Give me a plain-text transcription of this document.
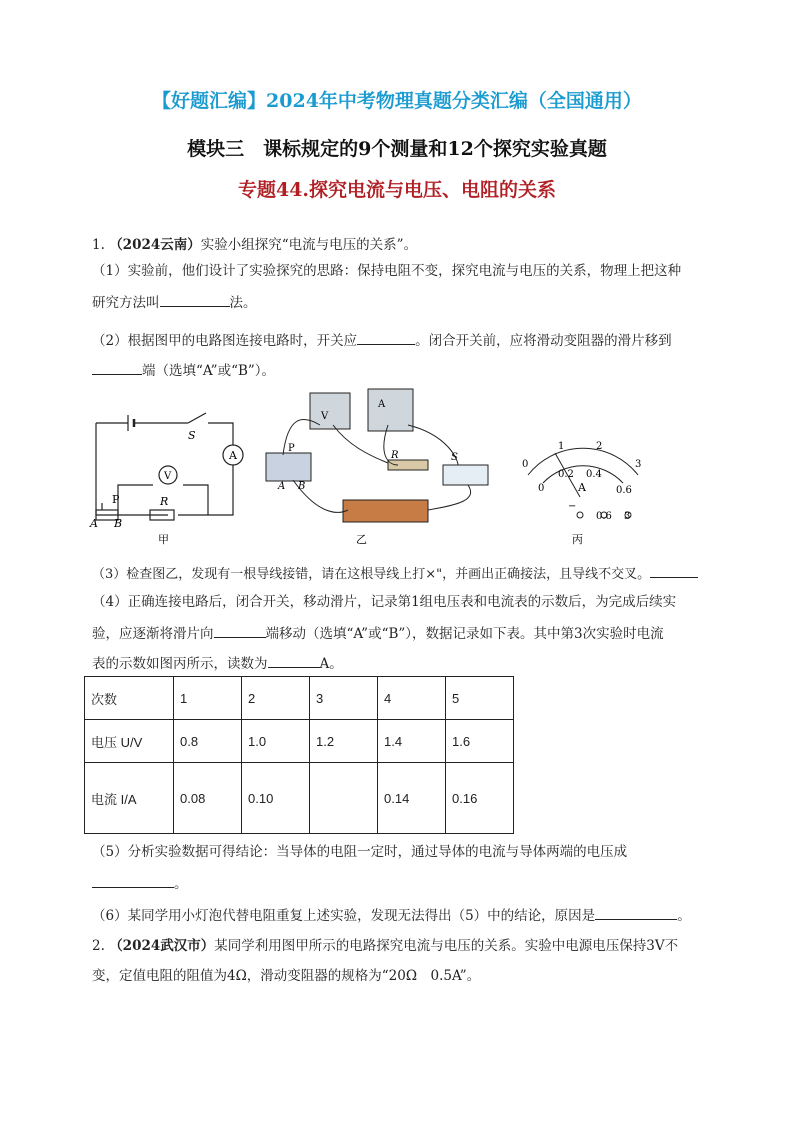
【好题汇编】2024年中考物理真题分类汇编（全国通用）
模块三　课标规定的9个测量和12个探究实验真题
专题44.探究电流与电压、电阻的关系
1. （2024云南）实验小组探究“电流与电压的关系”。
（1）实验前，他们设计了实验探究的思路：保持电阻不变，探究电流与电压的关系，物理上把这种
研究方法叫	法。
（2）根据图甲的电路图连接电路时，开关应	。闭合开关前，应将滑动变阻器的滑片移到
端（选填“A”或“B”）。
S
A
V
R
P
A B
甲
V
A
P
A B
R	S
乙
0
1	2
3
0
0.2 0.4
0.6
A
−
0.6 3
丙
（3）检查图乙，发现有一根导线接错，请在这根导线上打×"，并画出正确接法，且导线不交叉。
（4）正确连接电路后，闭合开关，移动滑片，记录第1组电压表和电流表的示数后，为完成后续实
验，应逐渐将滑片向	端移动（选填“A”或“B”），数据记录如下表。其中第3次实验时电流
表的示数如图丙所示，读数为	A。
次数	1	2	3	4	5
电压 U/V	0.8	1.0	1.2	1.4	1.6
电流 I/A	0.08	0.10		0.14	0.16
（5）分析实验数据可得结论：当导体的电阻一定时，通过导体的电流与导体两端的电压成
。
（6）某同学用小灯泡代替电阻重复上述实验，发现无法得出（5）中的结论，原因是	。
2. （2024武汉市）某同学利用图甲所示的电路探究电流与电压的关系。实验中电源电压保持3V不
变，定值电阻的阻值为4Ω，滑动变阻器的规格为“20Ω　0.5A”。
